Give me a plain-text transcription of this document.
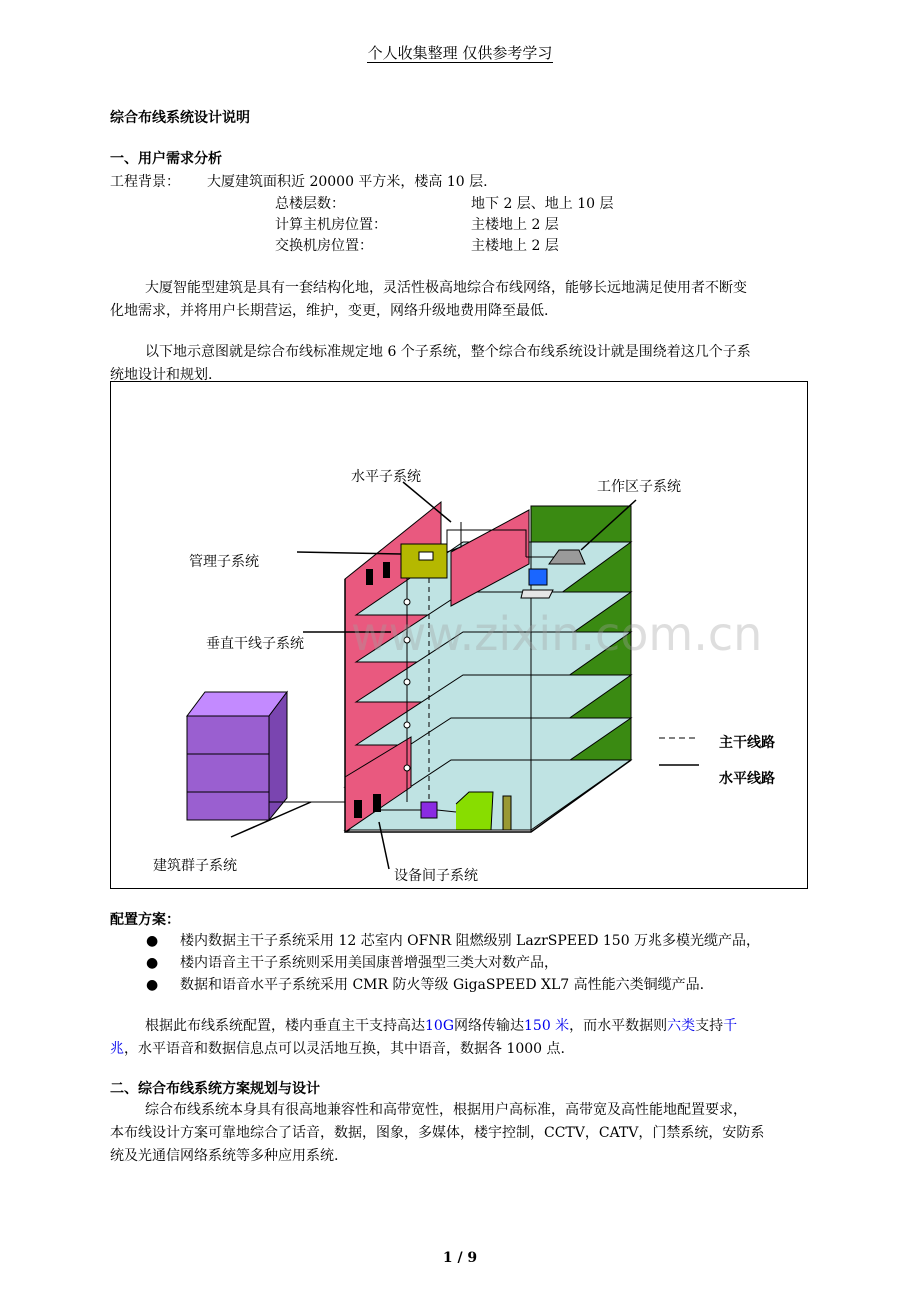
个人收集整理 仅供参考学习
综合布线系统设计说明
一、用户需求分析
工程背景： 大厦建筑面积近 20000 平方米，楼高 10 层.
总楼层数：	地下 2 层、地上 10 层
计算主机房位置：	主楼地上 2 层
交换机房位置：	主楼地上 2 层
大厦智能型建筑是具有一套结构化地，灵活性极高地综合布线网络，能够长远地满足使用者不断变
化地需求，并将用户长期营运，维护，变更，网络升级地费用降至最低.
以下地示意图就是综合布线标准规定地 6 个子系统，整个综合布线系统设计就是围绕着这几个子系
统地设计和规划.
水平子系统
工作区子系统
管理子系统
垂直干线子系统
建筑群子系统
设备间子系统
主干线路
水平线路
www.zixin.com.cn
配置方案：
● 楼内数据主干子系统采用 12 芯室内 OFNR 阻燃级别 LazrSPEED 150 万兆多模光缆产品，
● 楼内语音主干子系统则采用美国康普增强型三类大对数产品，
● 数据和语音水平子系统采用 CMR 防火等级 GigaSPEED XL7 高性能六类铜缆产品.
根据此布线系统配置，楼内垂直主干支持高达10G网络传输达150 米，而水平数据则六类支持千
兆，水平语音和数据信息点可以灵活地互换，其中语音，数据各 1000 点.
二、综合布线系统方案规划与设计
综合布线系统本身具有很高地兼容性和高带宽性，根据用户高标准，高带宽及高性能地配置要求，
本布线设计方案可靠地综合了话音，数据，图象，多媒体，楼宇控制，CCTV，CATV，门禁系统，安防系
统及光通信网络系统等多种应用系统.
1 / 9
